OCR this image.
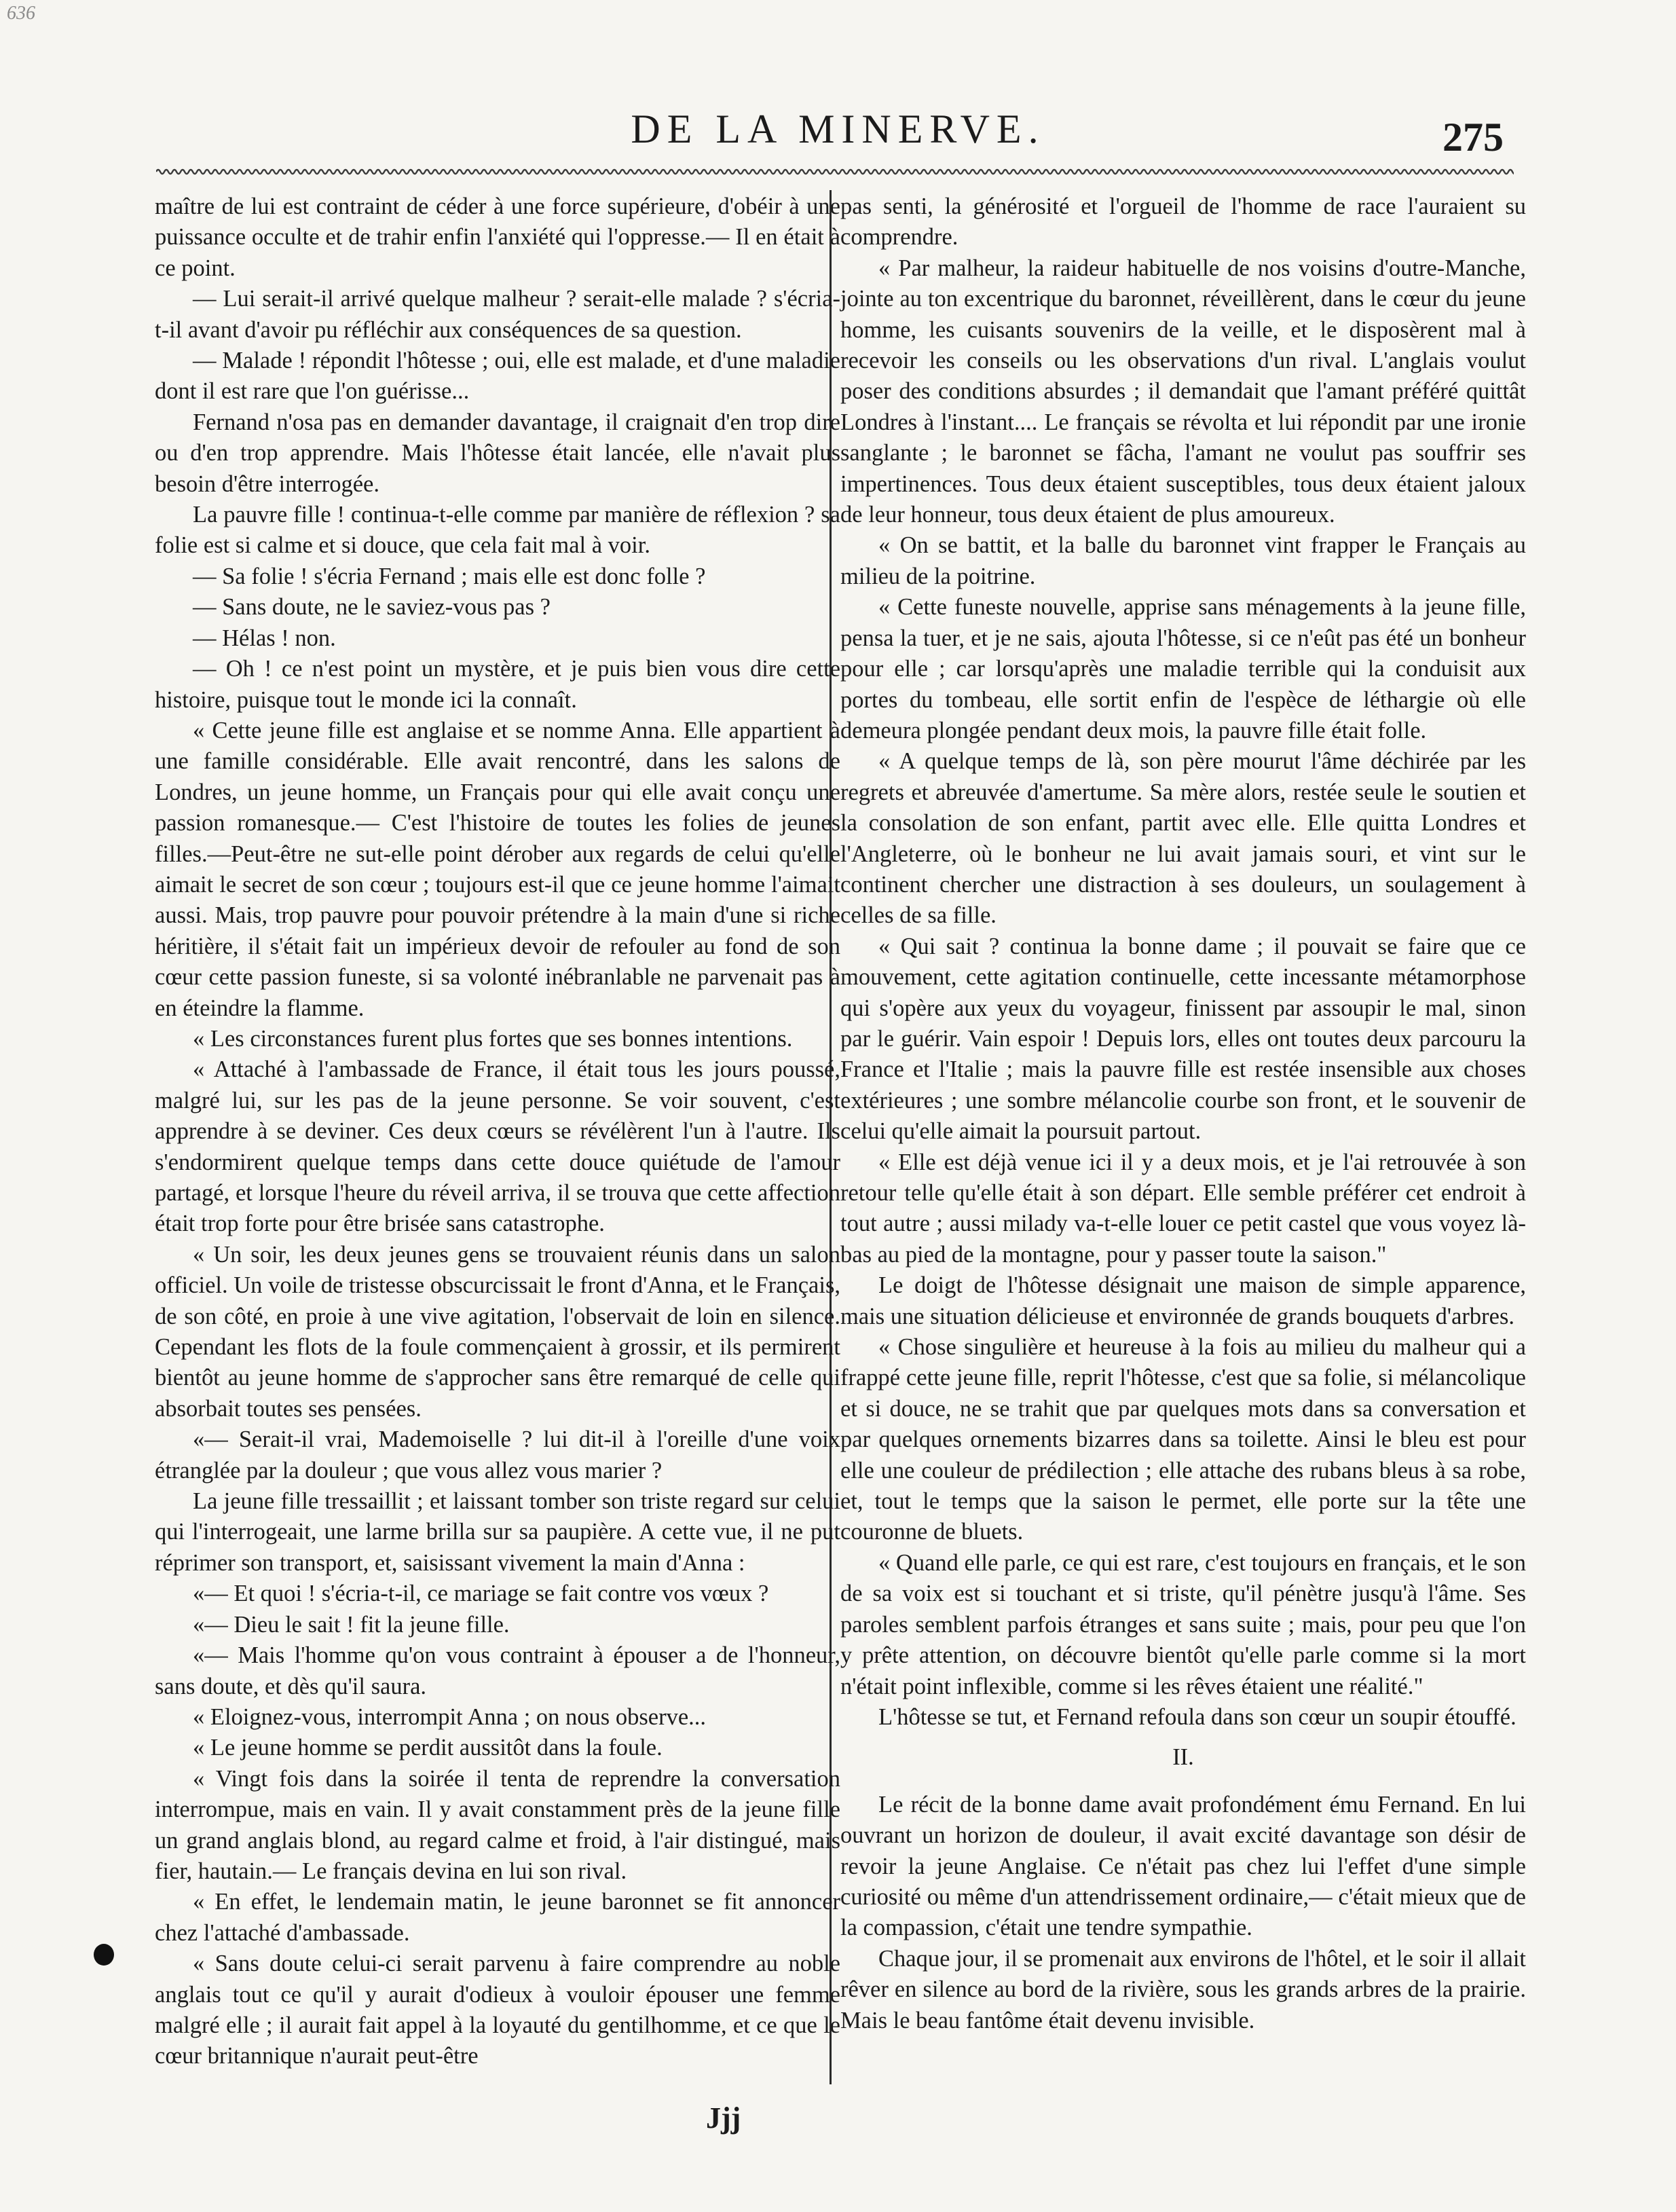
636
DE LA MINERVE.	275

maître de lui est contraint de céder à une force supérieure, d'obéir à une puissance occulte et de trahir enfin l'anxiété qui l'oppresse.— Il en était à ce point.

— Lui serait-il arrivé quelque malheur ? serait-elle malade ? s'écria-t-il avant d'avoir pu réfléchir aux conséquences de sa question.

— Malade ! répondit l'hôtesse ; oui, elle est malade, et d'une maladie dont il est rare que l'on guérisse...

Fernand n'osa pas en demander davantage, il craignait d'en trop dire ou d'en trop apprendre. Mais l'hôtesse était lancée, elle n'avait plus besoin d'être interrogée.

La pauvre fille ! continua-t-elle comme par manière de réflexion ? sa folie est si calme et si douce, que cela fait mal à voir.

— Sa folie ! s'écria Fernand ; mais elle est donc folle ?

— Sans doute, ne le saviez-vous pas ?

— Hélas ! non.

— Oh ! ce n'est point un mystère, et je puis bien vous dire cette histoire, puisque tout le monde ici la connaît.

« Cette jeune fille est anglaise et se nomme Anna. Elle appartient à une famille considérable. Elle avait rencontré, dans les salons de Londres, un jeune homme, un Français pour qui elle avait conçu une passion romanesque.— C'est l'histoire de toutes les folies de jeunes filles.—Peut-être ne sut-elle point dérober aux regards de celui qu'elle aimait le secret de son cœur ; toujours est-il que ce jeune homme l'aimait aussi. Mais, trop pauvre pour pouvoir prétendre à la main d'une si riche héritière, il s'était fait un impérieux devoir de refouler au fond de son cœur cette passion funeste, si sa volonté inébranlable ne parvenait pas à en éteindre la flamme.

« Les circonstances furent plus fortes que ses bonnes intentions.

« Attaché à l'ambassade de France, il était tous les jours poussé, malgré lui, sur les pas de la jeune personne. Se voir souvent, c'est apprendre à se deviner. Ces deux cœurs se révélèrent l'un à l'autre. Ils s'endormirent quelque temps dans cette douce quiétude de l'amour partagé, et lorsque l'heure du réveil arriva, il se trouva que cette affection était trop forte pour être brisée sans catastrophe.

« Un soir, les deux jeunes gens se trouvaient réunis dans un salon officiel. Un voile de tristesse obscurcissait le front d'Anna, et le Français, de son côté, en proie à une vive agitation, l'observait de loin en silence. Cependant les flots de la foule commençaient à grossir, et ils permirent bientôt au jeune homme de s'approcher sans être remarqué de celle qui absorbait toutes ses pensées.

«— Serait-il vrai, Mademoiselle ? lui dit-il à l'oreille d'une voix étranglée par la douleur ; que vous allez vous marier ?

La jeune fille tressaillit ; et laissant tomber son triste regard sur celui qui l'interrogeait, une larme brilla sur sa paupière. A cette vue, il ne put réprimer son transport, et, saisissant vivement la main d'Anna :

«— Et quoi ! s'écria-t-il, ce mariage se fait contre vos vœux ?

«— Dieu le sait ! fit la jeune fille.

«— Mais l'homme qu'on vous contraint à épouser a de l'honneur, sans doute, et dès qu'il saura.

« Eloignez-vous, interrompit Anna ; on nous observe...

« Le jeune homme se perdit aussitôt dans la foule.

« Vingt fois dans la soirée il tenta de reprendre la conversation interrompue, mais en vain. Il y avait constamment près de la jeune fille un grand anglais blond, au regard calme et froid, à l'air distingué, mais fier, hautain.— Le français devina en lui son rival.

« En effet, le lendemain matin, le jeune baronnet se fit annoncer chez l'attaché d'ambassade.

« Sans doute celui-ci serait parvenu à faire comprendre au noble anglais tout ce qu'il y aurait d'odieux à vouloir épouser une femme malgré elle ; il aurait fait appel à la loyauté du gentilhomme, et ce que le cœur britannique n'aurait peut-être

pas senti, la générosité et l'orgueil de l'homme de race l'auraient su comprendre.

« Par malheur, la raideur habituelle de nos voisins d'outre-Manche, jointe au ton excentrique du baronnet, réveillèrent, dans le cœur du jeune homme, les cuisants souvenirs de la veille, et le disposèrent mal à recevoir les conseils ou les observations d'un rival. L'anglais voulut poser des conditions absurdes ; il demandait que l'amant préféré quittât Londres à l'instant.... Le français se révolta et lui répondit par une ironie sanglante ; le baronnet se fâcha, l'amant ne voulut pas souffrir ses impertinences. Tous deux étaient susceptibles, tous deux étaient jaloux de leur honneur, tous deux étaient de plus amoureux.

« On se battit, et la balle du baronnet vint frapper le Français au milieu de la poitrine.

« Cette funeste nouvelle, apprise sans ménagements à la jeune fille, pensa la tuer, et je ne sais, ajouta l'hôtesse, si ce n'eût pas été un bonheur pour elle ; car lorsqu'après une maladie terrible qui la conduisit aux portes du tombeau, elle sortit enfin de l'espèce de léthargie où elle demeura plongée pendant deux mois, la pauvre fille était folle.

« A quelque temps de là, son père mourut l'âme déchirée par les regrets et abreuvée d'amertume. Sa mère alors, restée seule le soutien et la consolation de son enfant, partit avec elle. Elle quitta Londres et l'Angleterre, où le bonheur ne lui avait jamais souri, et vint sur le continent chercher une distraction à ses douleurs, un soulagement à celles de sa fille.

« Qui sait ? continua la bonne dame ; il pouvait se faire que ce mouvement, cette agitation continuelle, cette incessante métamorphose qui s'opère aux yeux du voyageur, finissent par assoupir le mal, sinon par le guérir. Vain espoir ! Depuis lors, elles ont toutes deux parcouru la France et l'Italie ; mais la pauvre fille est restée insensible aux choses extérieures ; une sombre mélancolie courbe son front, et le souvenir de celui qu'elle aimait la poursuit partout.

« Elle est déjà venue ici il y a deux mois, et je l'ai retrouvée à son retour telle qu'elle était à son départ. Elle semble préférer cet endroit à tout autre ; aussi milady va-t-elle louer ce petit castel que vous voyez là-bas au pied de la montagne, pour y passer toute la saison."

Le doigt de l'hôtesse désignait une maison de simple apparence, mais une situation délicieuse et environnée de grands bouquets d'arbres.

« Chose singulière et heureuse à la fois au milieu du malheur qui a frappé cette jeune fille, reprit l'hôtesse, c'est que sa folie, si mélancolique et si douce, ne se trahit que par quelques mots dans sa conversation et par quelques ornements bizarres dans sa toilette. Ainsi le bleu est pour elle une couleur de prédilection ; elle attache des rubans bleus à sa robe, et, tout le temps que la saison le permet, elle porte sur la tête une couronne de bluets.

« Quand elle parle, ce qui est rare, c'est toujours en français, et le son de sa voix est si touchant et si triste, qu'il pénètre jusqu'à l'âme. Ses paroles semblent parfois étranges et sans suite ; mais, pour peu que l'on y prête attention, on découvre bientôt qu'elle parle comme si la mort n'était point inflexible, comme si les rêves étaient une réalité."

L'hôtesse se tut, et Fernand refoula dans son cœur un soupir étouffé.

II.

Le récit de la bonne dame avait profondément ému Fernand. En lui ouvrant un horizon de douleur, il avait excité davantage son désir de revoir la jeune Anglaise. Ce n'était pas chez lui l'effet d'une simple curiosité ou même d'un attendrissement ordinaire,— c'était mieux que de la compassion, c'était une tendre sympathie.

Chaque jour, il se promenait aux environs de l'hôtel, et le soir il allait rêver en silence au bord de la rivière, sous les grands arbres de la prairie. Mais le beau fantôme était devenu invisible.

Jjj
